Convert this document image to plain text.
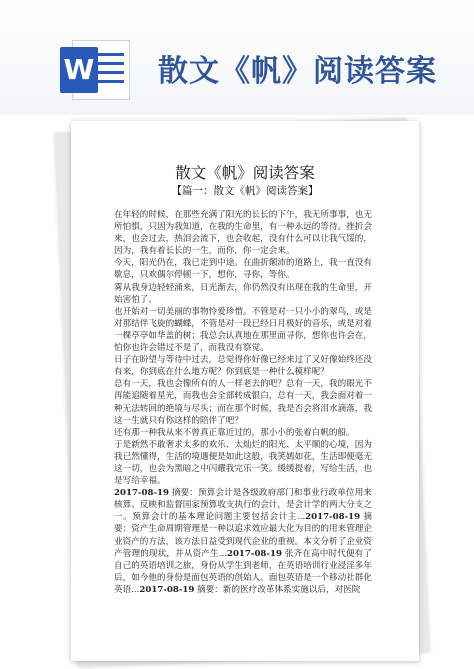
W 散文《帆》阅读答案
散文《帆》阅读答案
【篇一：散文《帆》阅读答案】

在年轻的时候，在那些充满了阳光的长长的下午，我无所事事，也无所怕惧，只因为我知道，在我的生命里，有一种永远的等待。挫折会来，也会过去，热泪会流下，也会收起，没有什么可以让我气馁的，因为，我有着长长的一生，而你，你一定会来。

今天，阳光仍在，我已走到中途。在曲折颠沛的道路上，我一直没有歇息，只欢偶尔停顿一下，想你，寻你，等你。

雾从我身边轻轻涌来，日光渐去，你仍然没有出现在我的生命里，开始害怕了。

也开始对一切美丽的事物怜爱珍惜。不管是对一只小小的翠鸟，或是对那结伴飞旋的蝴蝶，不管是对一段已经日月极好的音乐，或是对着一棵亭亭如华盖的树；我总会认真地在那里面寻你，想你也许会在，怕你也许会错过不是了，而我没有察觉。

日子在盼望与等待中过去，总觉得你好像已经来过了又好像始终还没有来，你到底在什么地方呢？你到底是一种什么模样呢？

总有一天，我也会像所有的人一样老去的吧？总有一天，我的眼光不再能追随着星光，而我也会全部转成银白，总有一天，我会面对着一种无法转回的绝境与尽头；而在那个时候，我是否会将泪水滴落，我这一生就只有你这样的陪伴了吧？

还有那一种我从来不曾真正靠近过的，那小小的张着白帆的船。

于是新然不敢奢求太多的欢乐、太灿烂的阳光、太平顺的心境，因为我已然懂得，生活的境遇便是如此这般，我笑嫣如花，生活即便毫无这一切，也会为黑暗之中闪耀我完乐一笑。缓缓提着，写给生活，也是写给幸福。

2017-08-19 摘要：预算会计是各级政府部门和事业行政单位用来核算、反映和监督国家预算收支执行的会计，是会计学的两大分支之一。预算会计的基本理论问题主要包括会计主...2017-08-19 摘要：资产生命周期管理是一种以追求效应最大化为目的的用来管理企业资产的方法，该方法日益受到现代企业的重视。本文分析了企业资产管理的现状，并从资产生...2017-08-19 张齐在高中时代便有了自己的英语培训之旅，身份从学生到老师，在英语培训行业浸淫多年后，如今他的身份是面包英语的创始人。面包英语是一个移动社群化英语...2017-08-19 摘要：新的医疗改革体系实施以后，对医院
